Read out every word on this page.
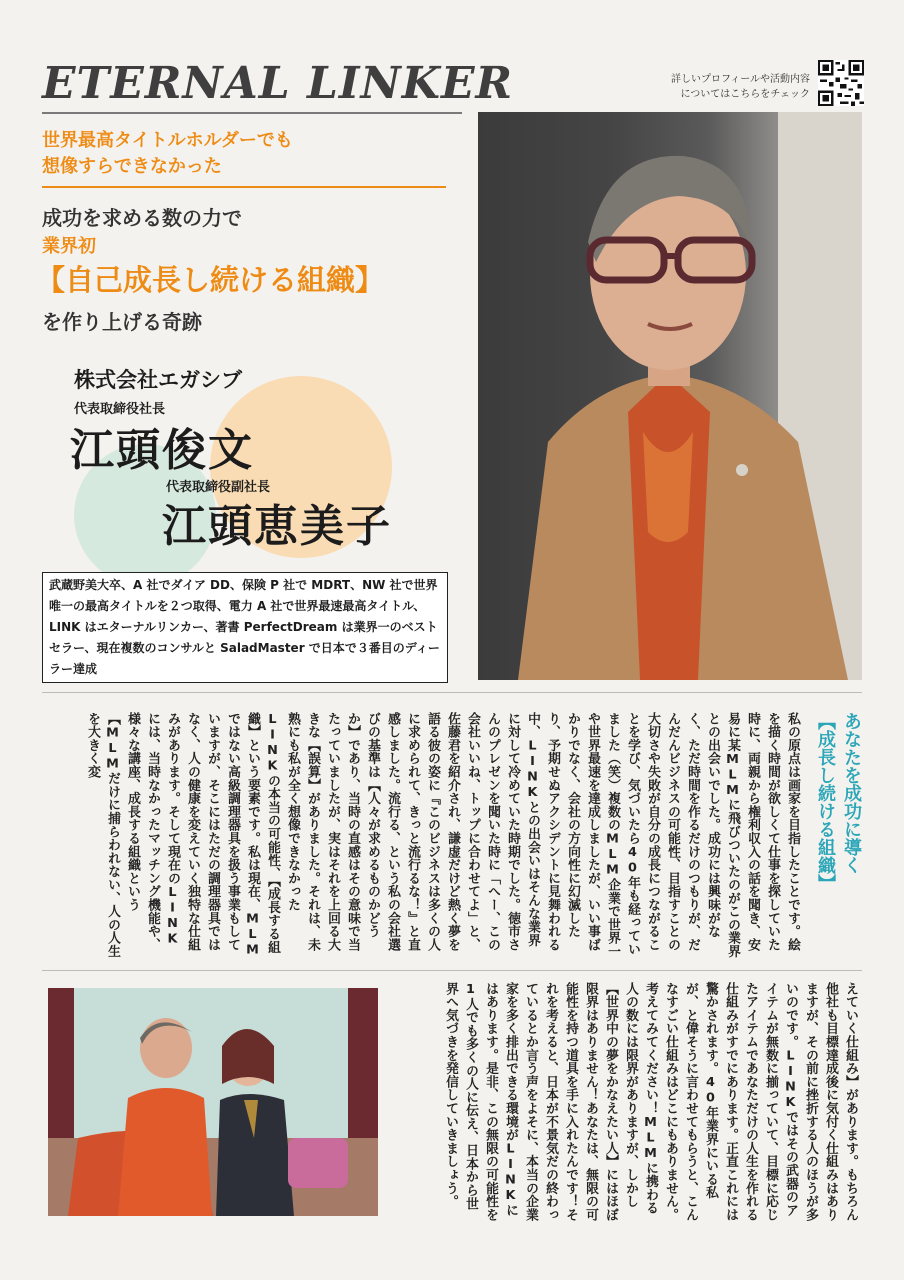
ETERNAL LINKER	詳しいプロフィールや活動内容
についてはこちらをチェック
世界最高タイトルホルダーでも
想像すらできなかった
成功を求める数の力で
業界初
【自己成長し続ける組織】
を作り上げる奇跡
株式会社エガシブ
代表取締役社長
江頭俊文
代表取締役副社長
江頭恵美子
武蔵野美大卒、A 社でダイア DD、保険 P 社で MDRT、NW 社で世界唯一の最高タイトルを２つ取得、電力 A 社で世界最速最高タイトル、LINK はエターナルリンカー、著書 PerfectDream は業界一のベストセラー、現在複数のコンサルと SaladMaster で日本で３番目のディーラー達成
あなたを成功に導く
【成長し続ける組織】
私の原点は画家を目指したことです。絵を描く時間が欲しくて仕事を探していた時に、両親から権利収入の話を聞き、安易に某MLMに飛びついたのがこの業界との出会いでした。成功には興味がなく、ただ時間を作るだけのつもりが、だんだんビジネスの可能性、目指すことの大切さや失敗が自分の成長につながることを学び、気づいたら40年も経っていました（笑）複数のMLM企業で世界一や世界最速を達成しましたが、いい事ばかりでなく、会社の方向性に幻滅したり、予期せぬアクシデントに見舞われる中、LINKとの出会いはそんな業界に対して冷めていた時期でした。徳市さんのプレゼンを聞いた時に「へー、この会社いいね、トップに合わせてよ」と、佐藤君を紹介され、謙虚だけど熱く夢を語る彼の姿に『このビジネスは多くの人に求められて、きっと流行るな！』と直感しました。流行る、という私の会社選びの基準は【人々が求めるものかどうか】であり、当時の直感はその意味で当たっていましたが、実はそれを上回る大きな【誤算】がありました。それは、未熟にも私が全く想像できなかったLINKの本当の可能性、【成長する組織】という要素です。私は現在、MLMではない高級調理器具を扱う事業もしていますが、そこにはただの調理器具ではなく、人の健康を変えていく独特な仕組みがあります。そして現在のLINKには、当時なかったマッチング機能や、様々な講座、成長する組織という【MLMだけに捕らわれない、人の人生を大きく変
えていく仕組み】があります。もちろん他社も目標達成後に気付く仕組みはありますが、その前に挫折する人のほうが多いのです。LINKではその武器のアイテムが無数に揃っていて、目標に応じたアイテムであなただけの人生を作れる仕組みがすでにあります。正直これには驚かされます。40年業界にいる私が、と偉そうに言わせてもらうと、こんなすごい仕組みはどこにもありません。考えてみてください！MLMに携わる人の数には限界がありますが、しかし【世界中の夢をかなえたい人】にはほぼ限界はありません！あなたは、無限の可能性を持つ道具を手に入れたんです！それを考えると、日本が不景気だの終わっているとか言う声をよそに、本当の企業家を多く排出できる環境がLINKにはあります。是非、この無限の可能性を1人でも多くの人に伝え、日本から世界へ気づきを発信していきましょう。
